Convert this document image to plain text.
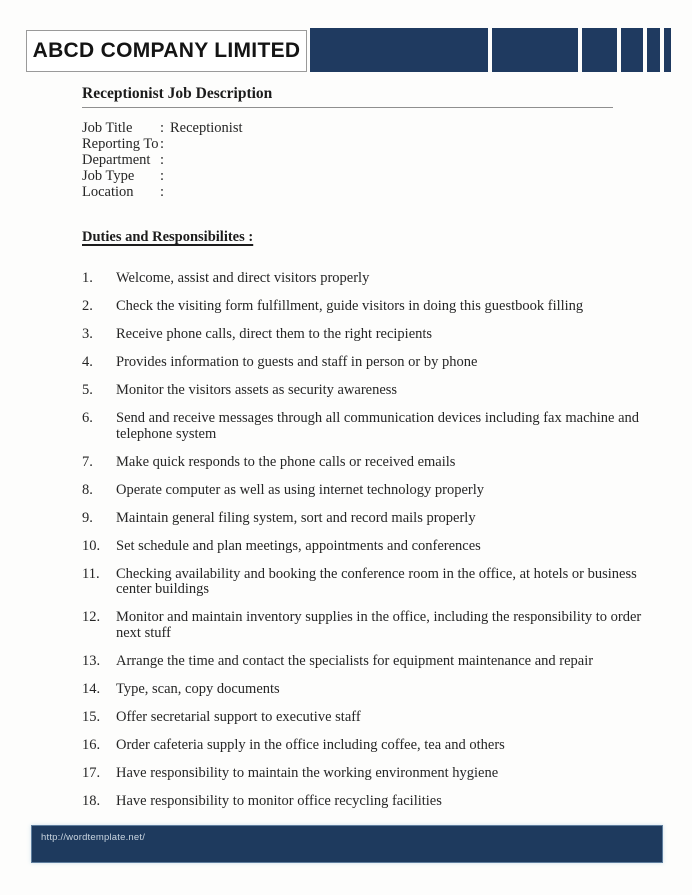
ABCD COMPANY LIMITED
Receptionist Job Description
Job Title	: Receptionist
Reporting To :
Department :
Job Type	:
Location	:
Duties and Responsibilites :
1.	Welcome, assist and direct visitors properly
2.	Check the visiting form fulfillment, guide visitors in doing this guestbook filling
3.	Receive phone calls, direct them to the right recipients
4.	Provides information to guests and staff in person or by phone
5.	Monitor the visitors assets as security awareness
6.	Send and receive messages through all communication devices including fax machine and telephone system
7.	Make quick responds to the phone calls or received emails
8.	Operate computer as well as using internet technology properly
9.	Maintain general filing system, sort and record mails properly
10.	Set schedule and plan meetings, appointments and conferences
11.	Checking availability and booking the conference room in the office, at hotels or business center buildings
12.	Monitor and maintain inventory supplies in the office, including the responsibility to order next stuff
13.	Arrange the time and contact the specialists for equipment maintenance and repair
14.	Type, scan, copy documents
15.	Offer secretarial support to executive staff
16.	Order cafeteria supply in the office including coffee, tea and others
17.	Have responsibility to maintain the working environment hygiene
18.	Have responsibility to monitor office recycling facilities
http://wordtemplate.net/
